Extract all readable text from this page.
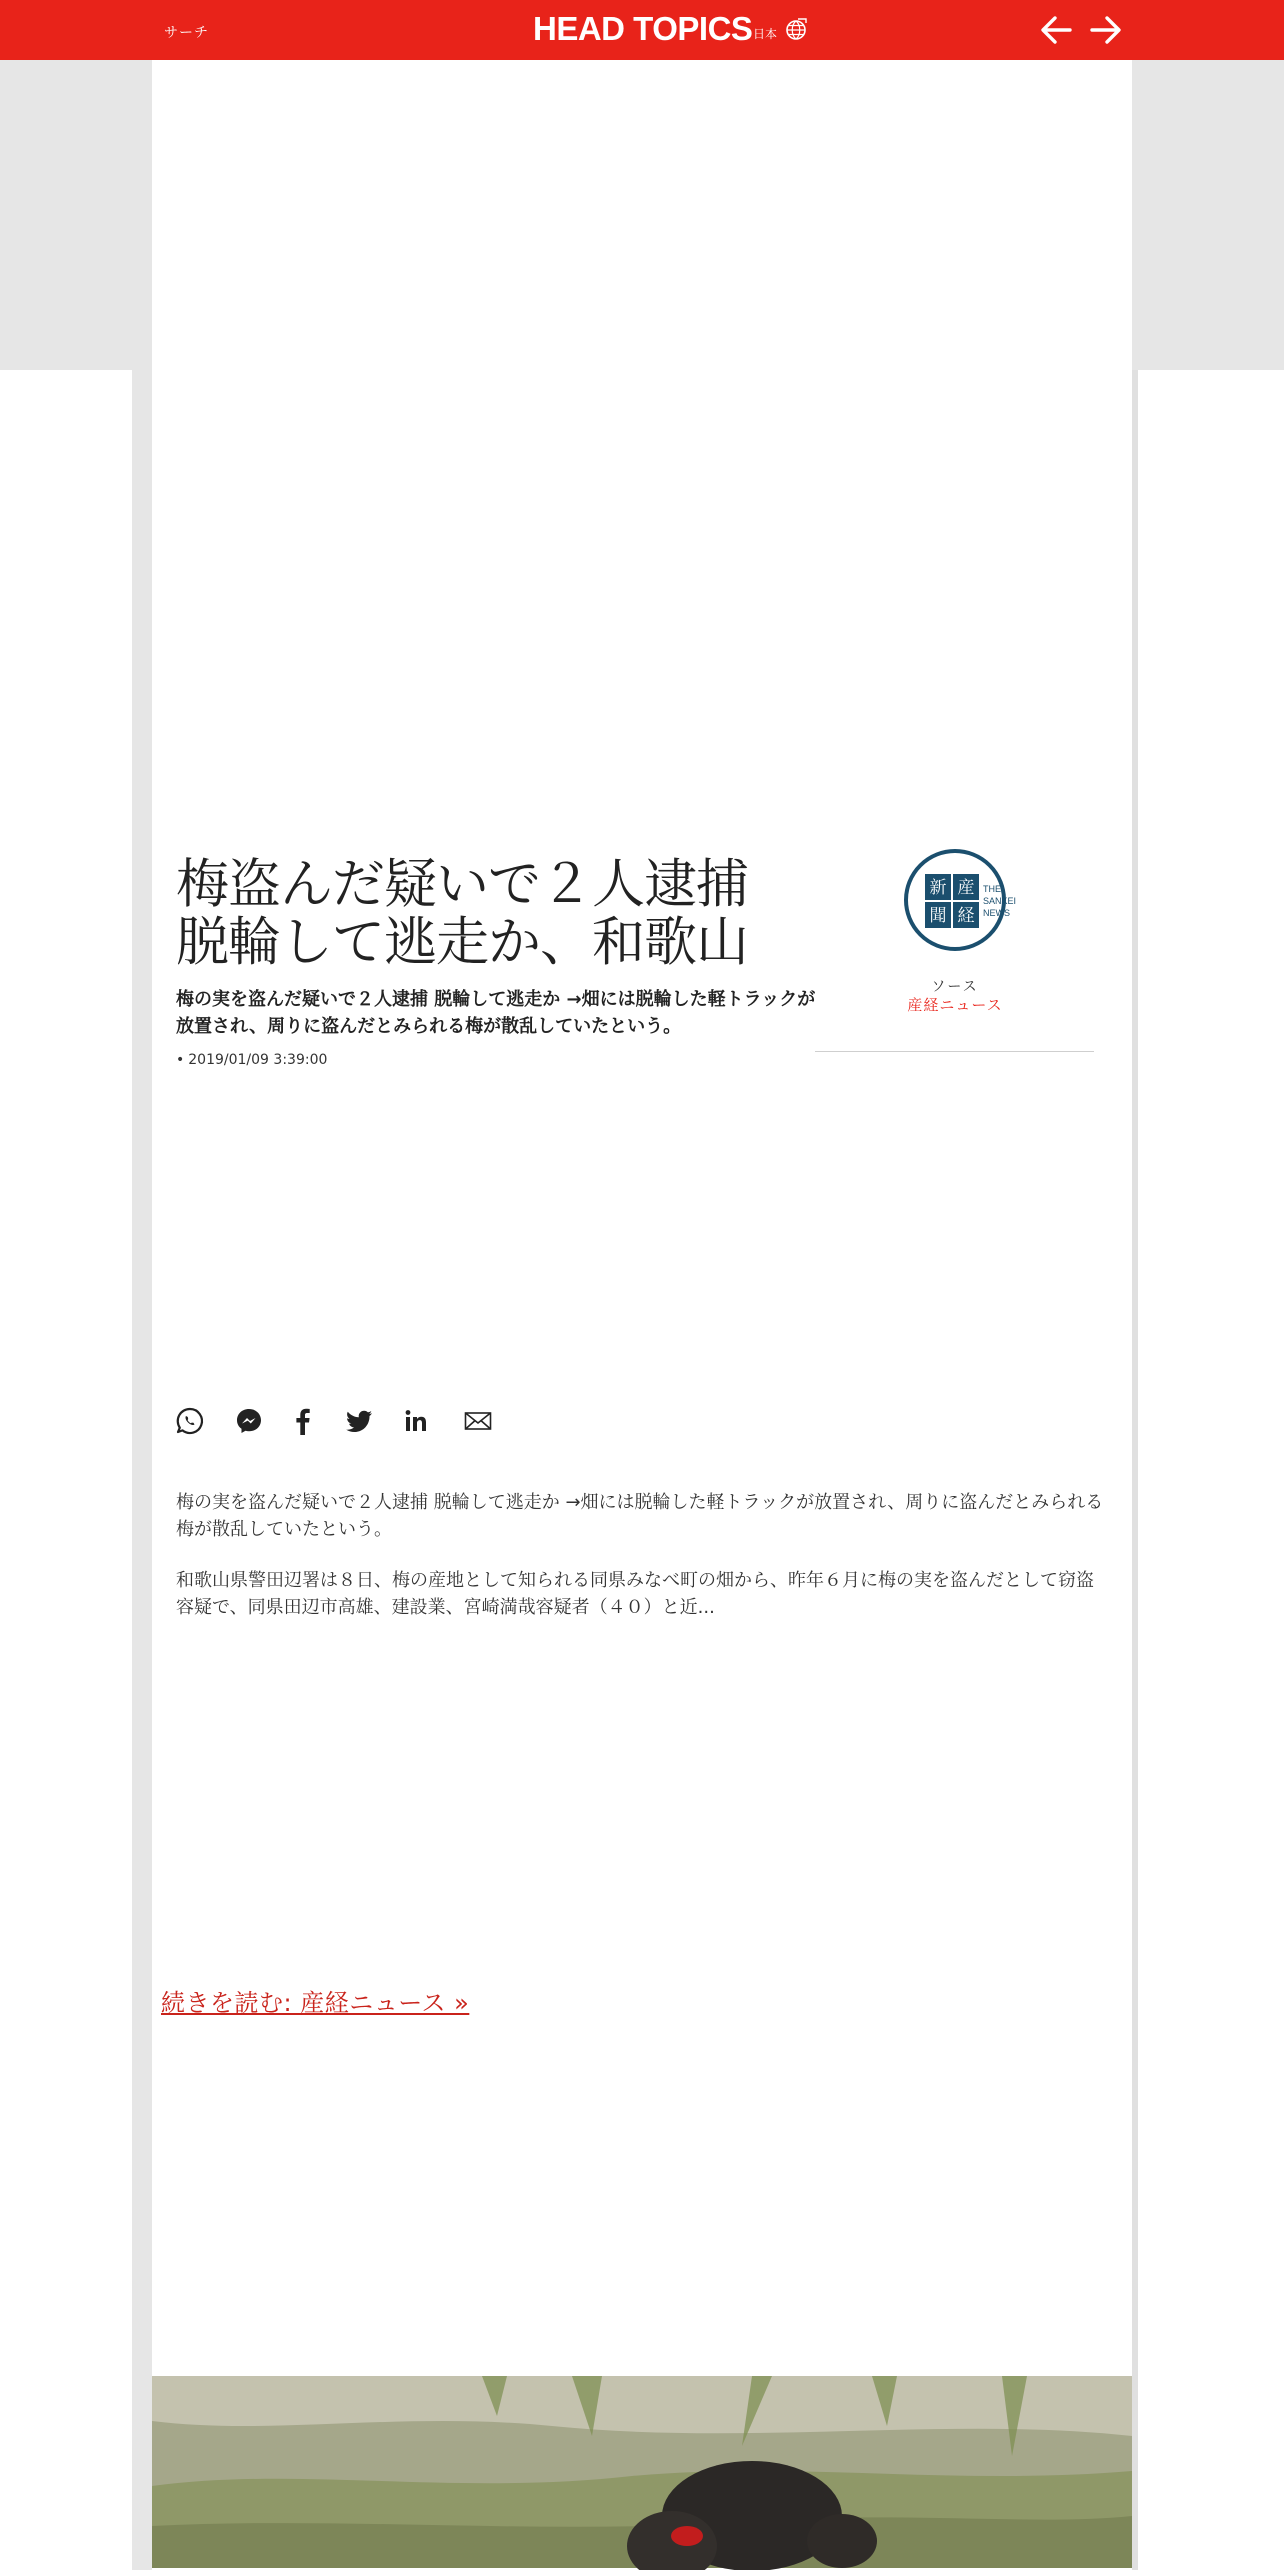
サーチ	HEAD TOPICS 日本
梅盗んだ疑いで２人逮捕
脱輪して逃走か、和歌山

梅の実を盗んだ疑いで２人逮捕 脱輪して逃走か →畑には脱輪した軽トラックが放置され、周りに盗んだとみられる梅が散乱していたという。

• 2019/01/09 3:39:00
産
経
新
聞
THE
SANKEI
NEWS
ソース
産経ニュース

梅の実を盗んだ疑いで２人逮捕 脱輪して逃走か →畑には脱輪した軽トラックが放置され、周りに盗んだとみられる梅が散乱していたという。

和歌山県警田辺署は８日、梅の産地として知られる同県みなべ町の畑から、昨年６月に梅の実を盗んだとして窃盗容疑で、同県田辺市高雄、建設業、宮崎満哉容疑者（４０）と近...

続きを読む: 産経ニュース »
